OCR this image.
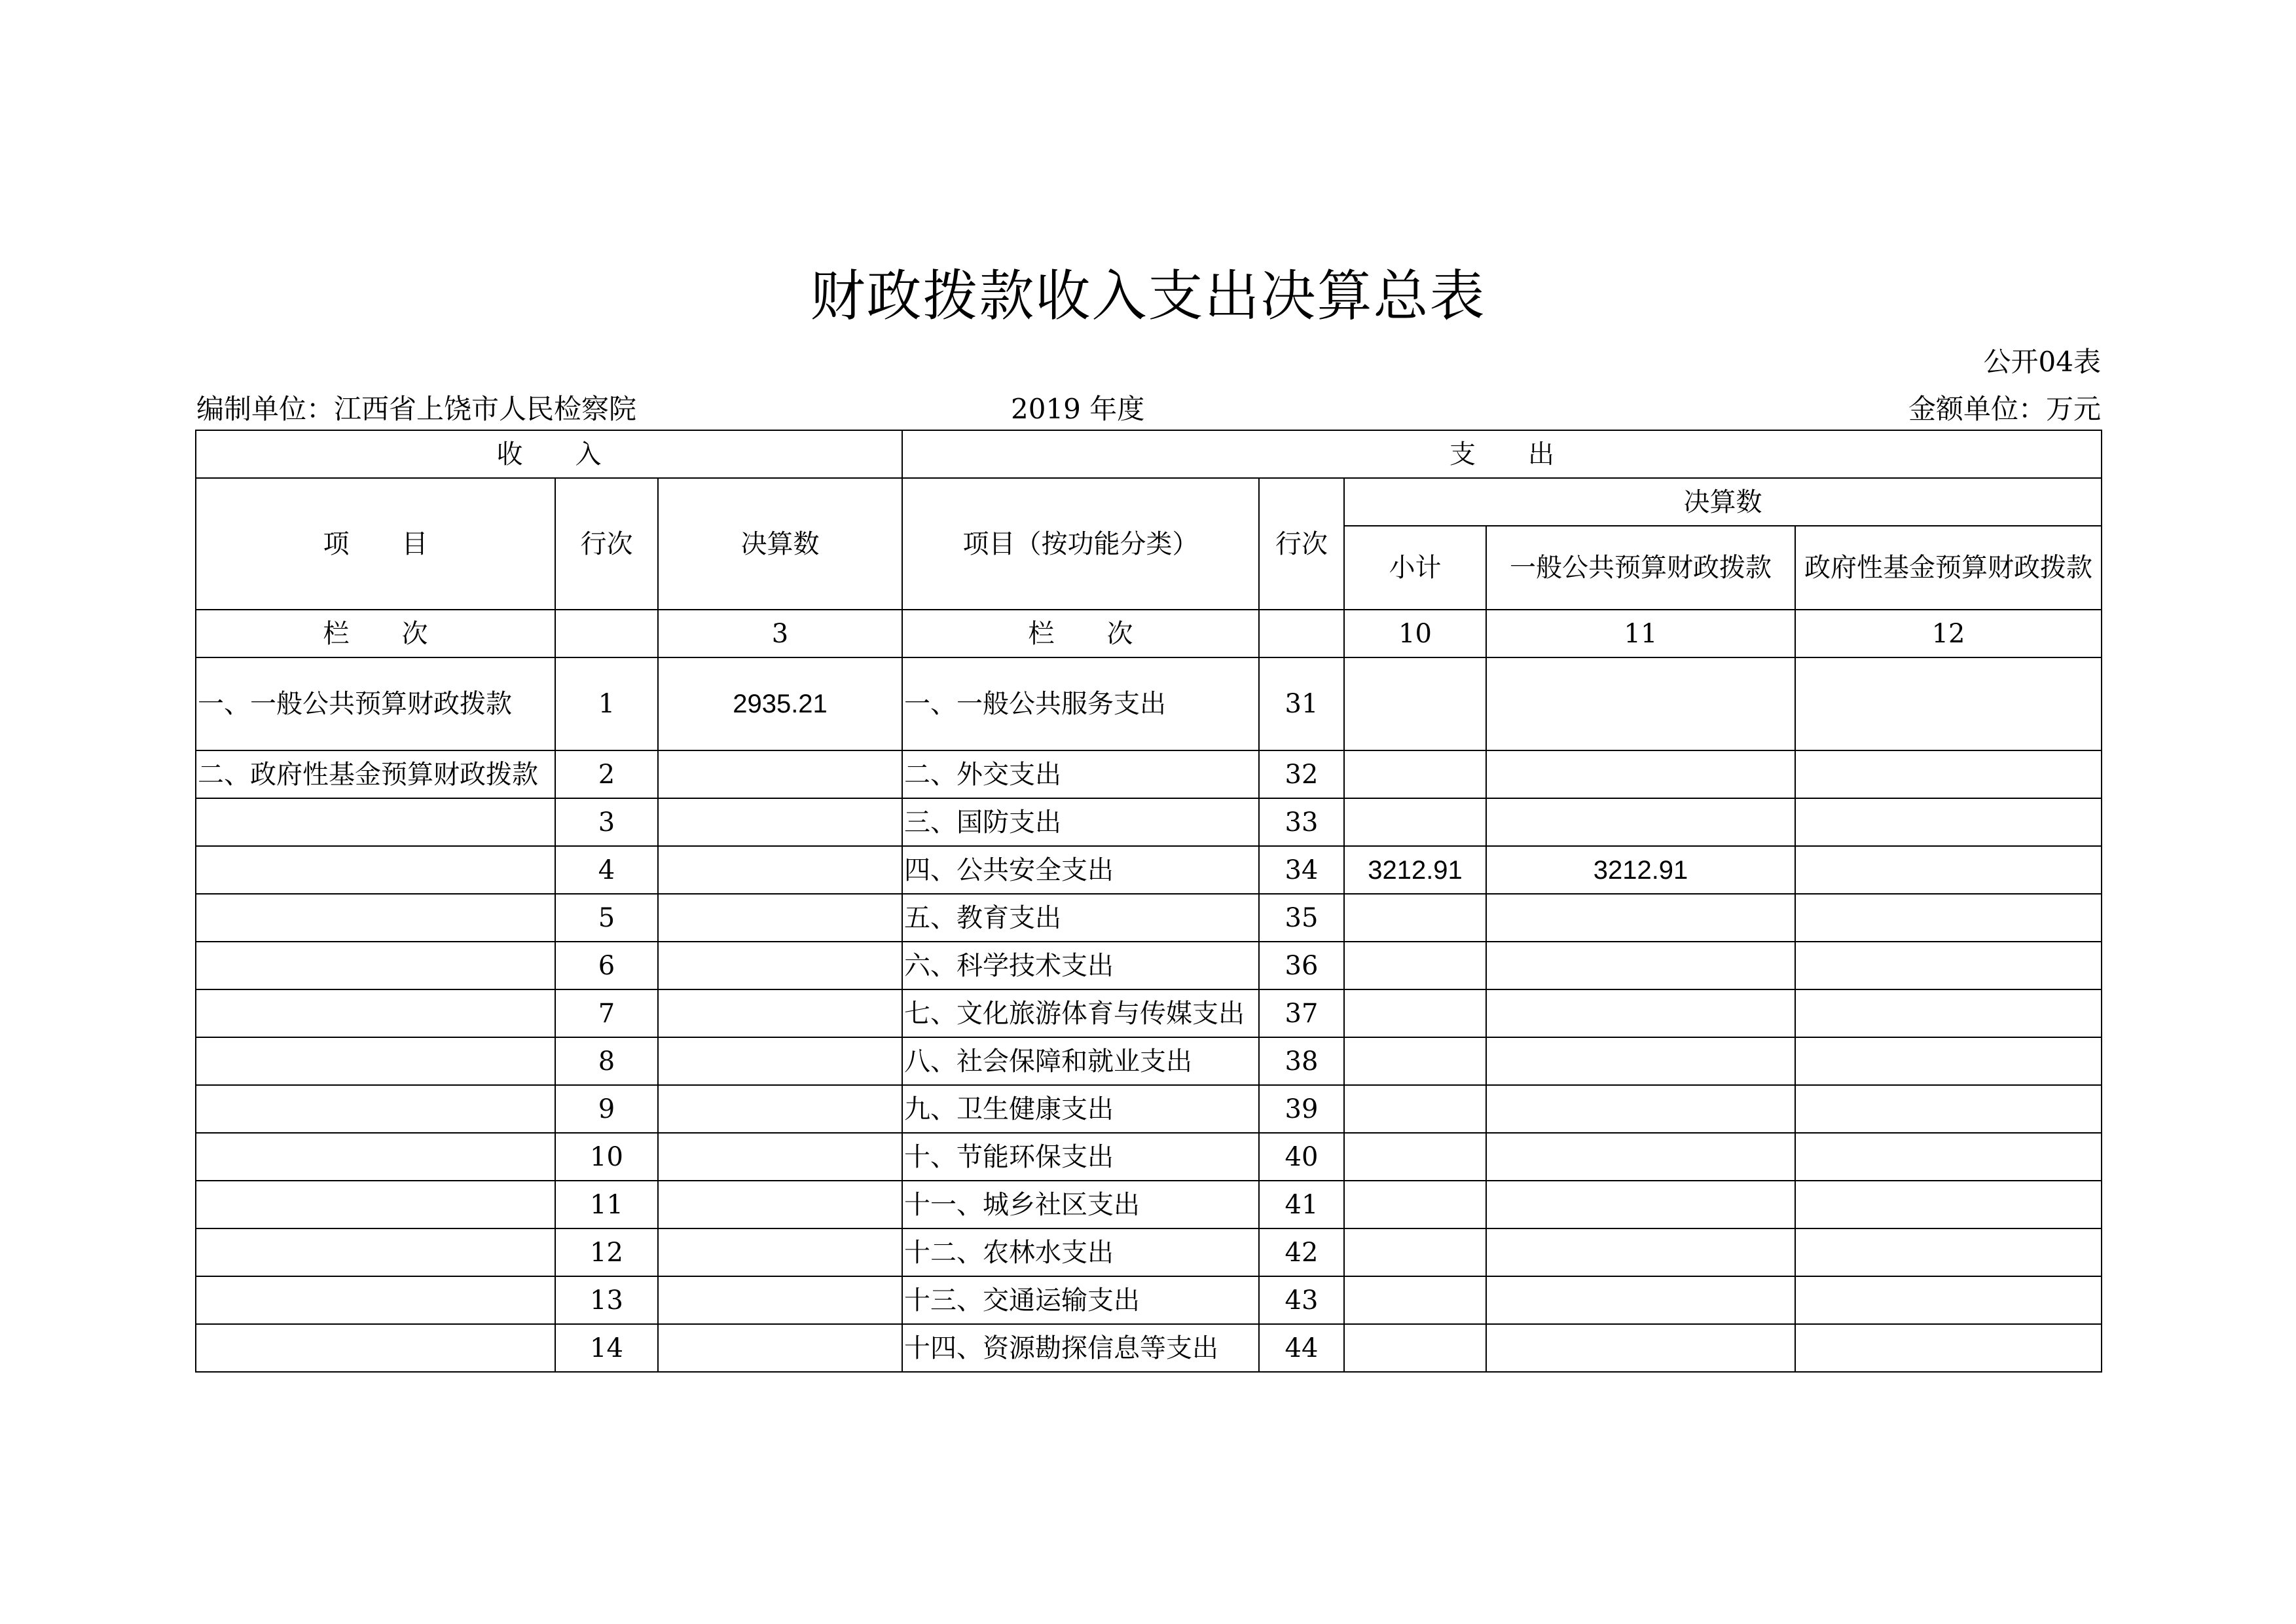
财政拨款收入支出决算总表
公开04表
编制单位：江西省上饶市人民检察院	2019 年度	金额单位：万元
收　　入			支　　出				
项　　目	行次	决算数	项目（按功能分类）	行次	决算数		
					小计	一般公共预算财政拨款	政府性基金预算财政拨款
栏　　次		3	栏　　次		10	11	12
一、一般公共预算财政拨款	1	2935.21	一、一般公共服务支出	31			
二、政府性基金预算财政拨款	2		二、外交支出	32			
	3		三、国防支出	33			
	4		四、公共安全支出	34	3212.91	3212.91	
	5		五、教育支出	35			
	6		六、科学技术支出	36			
	7		七、文化旅游体育与传媒支出	37			
	8		八、社会保障和就业支出	38			
	9		九、卫生健康支出	39			
	10		十、节能环保支出	40			
	11		十一、城乡社区支出	41			
	12		十二、农林水支出	42			
	13		十三、交通运输支出	43			
	14		十四、资源勘探信息等支出	44			
